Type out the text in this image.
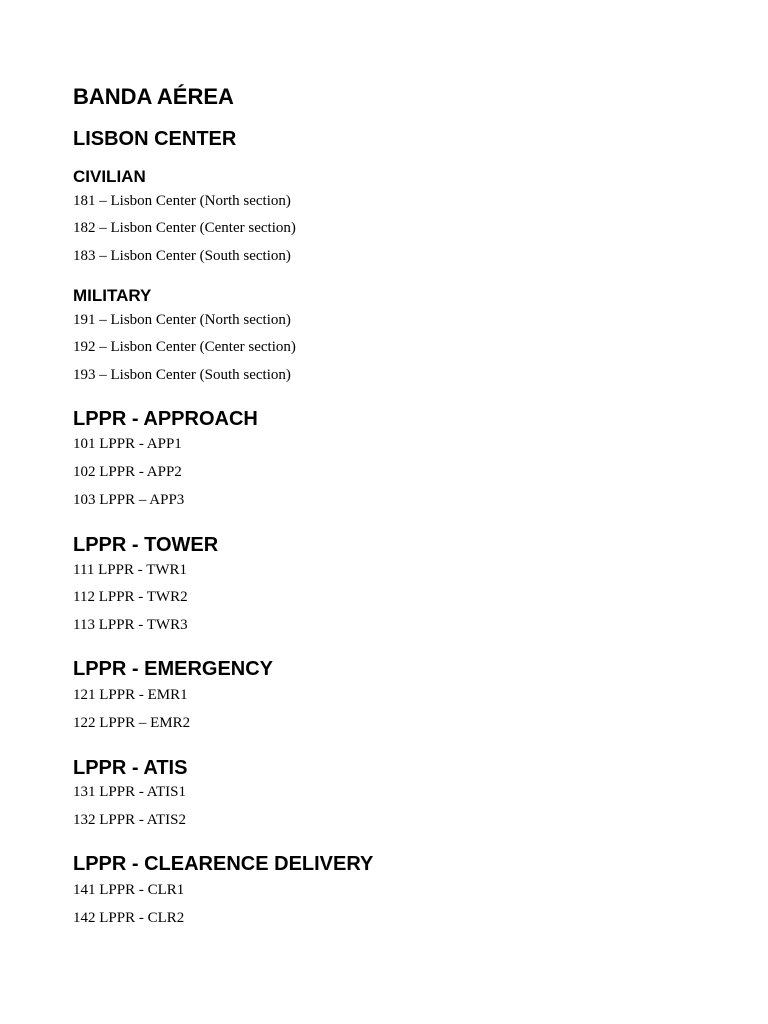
BANDA AÉREA
LISBON CENTER
CIVILIAN
181 – Lisbon Center (North section)
182 – Lisbon Center (Center section)
183 – Lisbon Center (South section)
MILITARY
191 – Lisbon Center (North section)
192 – Lisbon Center (Center section)
193 – Lisbon Center (South section)
LPPR - APPROACH
101 LPPR - APP1
102 LPPR - APP2
103 LPPR – APP3
LPPR - TOWER
111 LPPR - TWR1
112 LPPR - TWR2
113 LPPR - TWR3
LPPR - EMERGENCY
121 LPPR - EMR1
122 LPPR – EMR2
LPPR - ATIS
131 LPPR - ATIS1
132 LPPR - ATIS2
LPPR - CLEARENCE DELIVERY
141 LPPR - CLR1
142 LPPR - CLR2
